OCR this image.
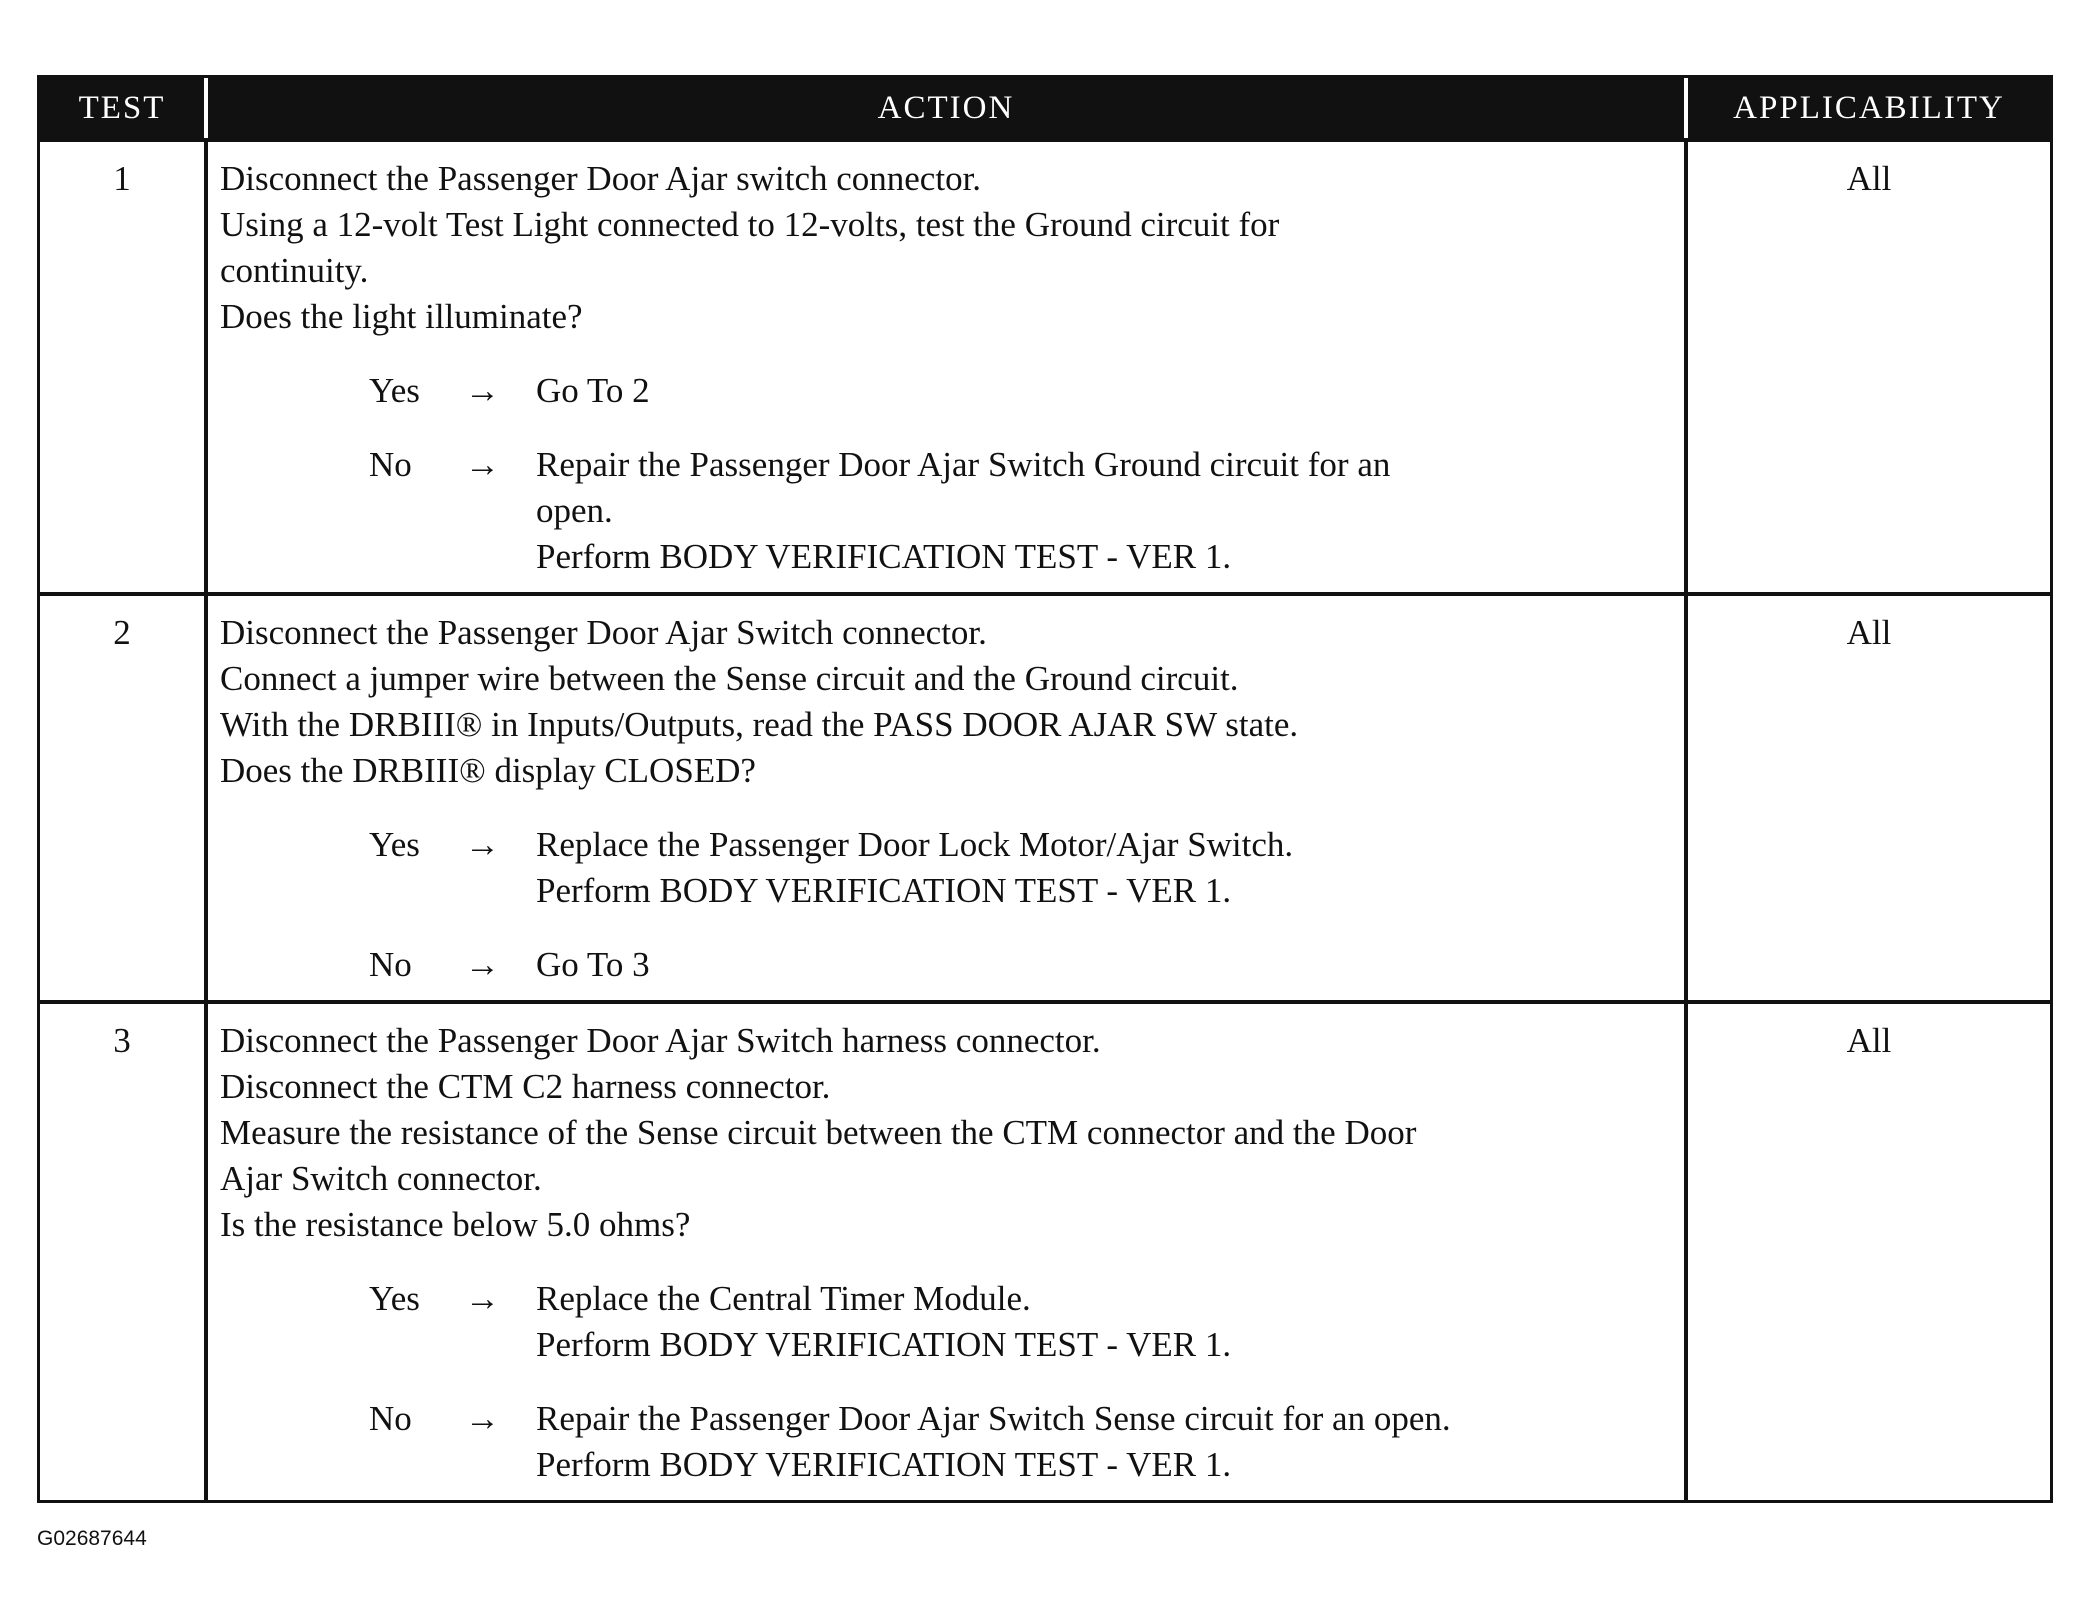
TEST	ACTION	APPLICABILITY
1	Disconnect the Passenger Door Ajar switch connector.
Using a 12-volt Test Light connected to 12-volts, test the Ground circuit for
continuity.
Does the light illuminate?
Yes	→	Go To 2
No	→	Repair the Passenger Door Ajar Switch Ground circuit for an
open.
Perform BODY VERIFICATION TEST - VER 1.
All
2	Disconnect the Passenger Door Ajar Switch connector.
Connect a jumper wire between the Sense circuit and the Ground circuit.
With the DRBIII® in Inputs/Outputs, read the PASS DOOR AJAR SW state.
Does the DRBIII® display CLOSED?
Yes	→	Replace the Passenger Door Lock Motor/Ajar Switch.
Perform BODY VERIFICATION TEST - VER 1.
No	→	Go To 3
All
3	Disconnect the Passenger Door Ajar Switch harness connector.
Disconnect the CTM C2 harness connector.
Measure the resistance of the Sense circuit between the CTM connector and the Door
Ajar Switch connector.
Is the resistance below 5.0 ohms?
Yes	→	Replace the Central Timer Module.
Perform BODY VERIFICATION TEST - VER 1.
No	→	Repair the Passenger Door Ajar Switch Sense circuit for an open.
Perform BODY VERIFICATION TEST - VER 1.
All
G02687644
